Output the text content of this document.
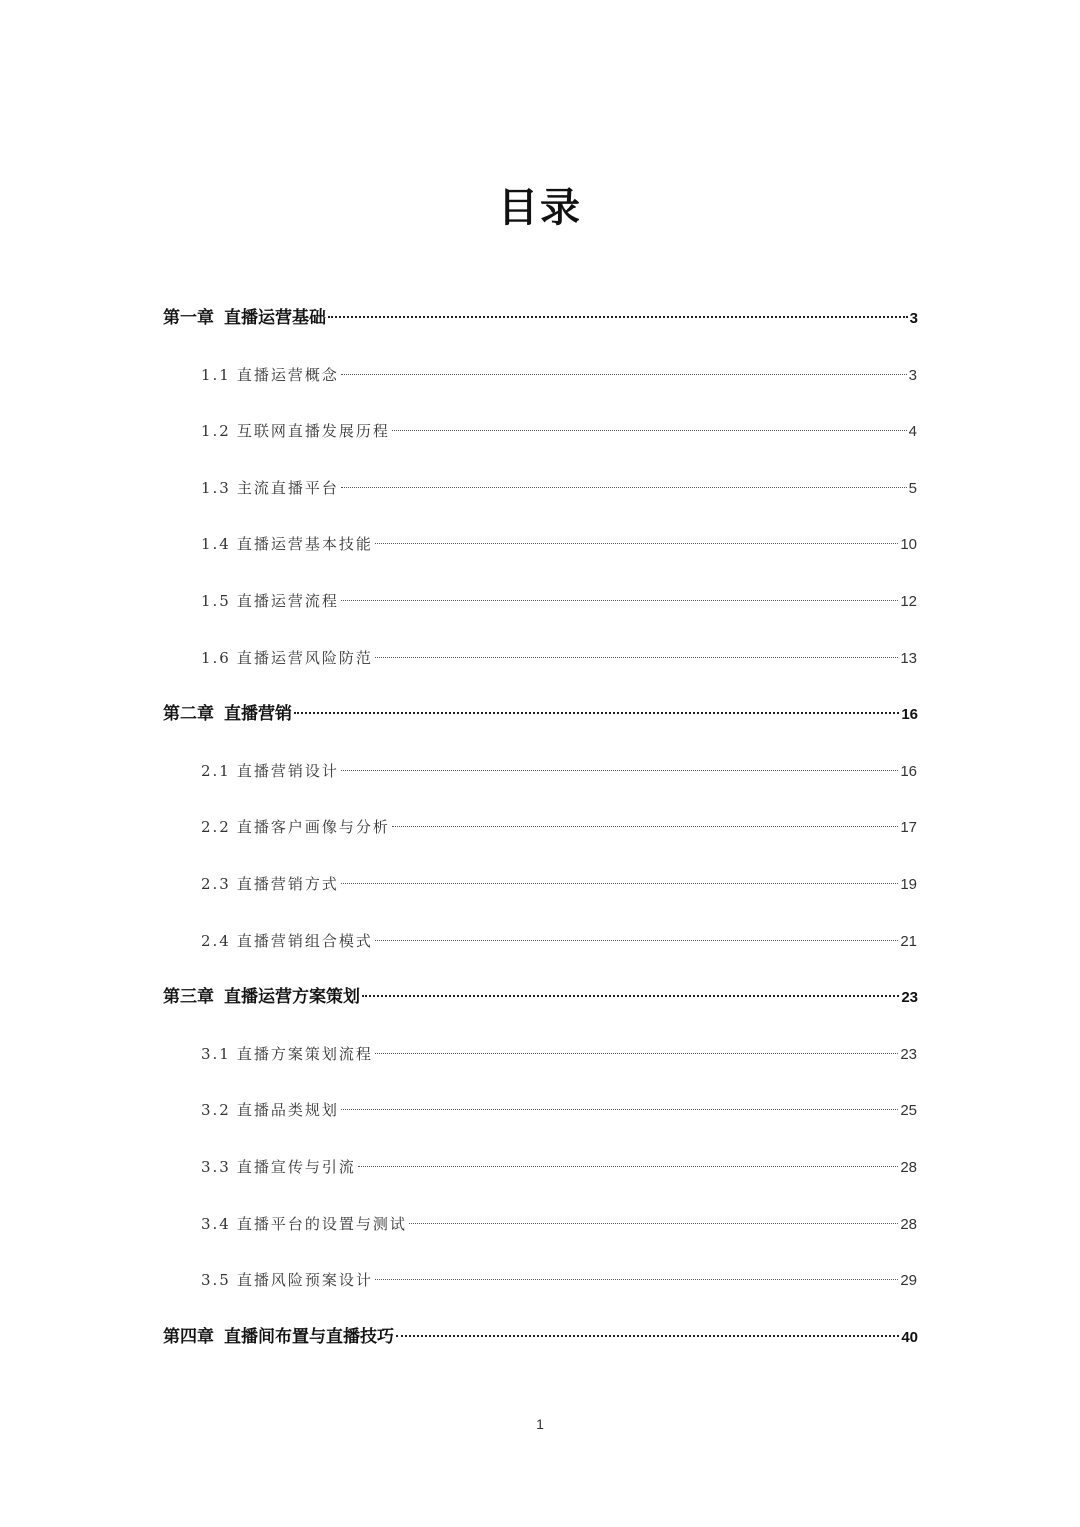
目录
第一章 直播运营基础	3
1.1 直播运营概念	3
1.2 互联网直播发展历程	4
1.3 主流直播平台	5
1.4 直播运营基本技能	10
1.5 直播运营流程	12
1.6 直播运营风险防范	13
第二章 直播营销	16
2.1 直播营销设计	16
2.2 直播客户画像与分析	17
2.3 直播营销方式	19
2.4 直播营销组合模式	21
第三章 直播运营方案策划	23
3.1 直播方案策划流程	23
3.2 直播品类规划	25
3.3 直播宣传与引流	28
3.4 直播平台的设置与测试	28
3.5 直播风险预案设计	29
第四章 直播间布置与直播技巧	40
1
